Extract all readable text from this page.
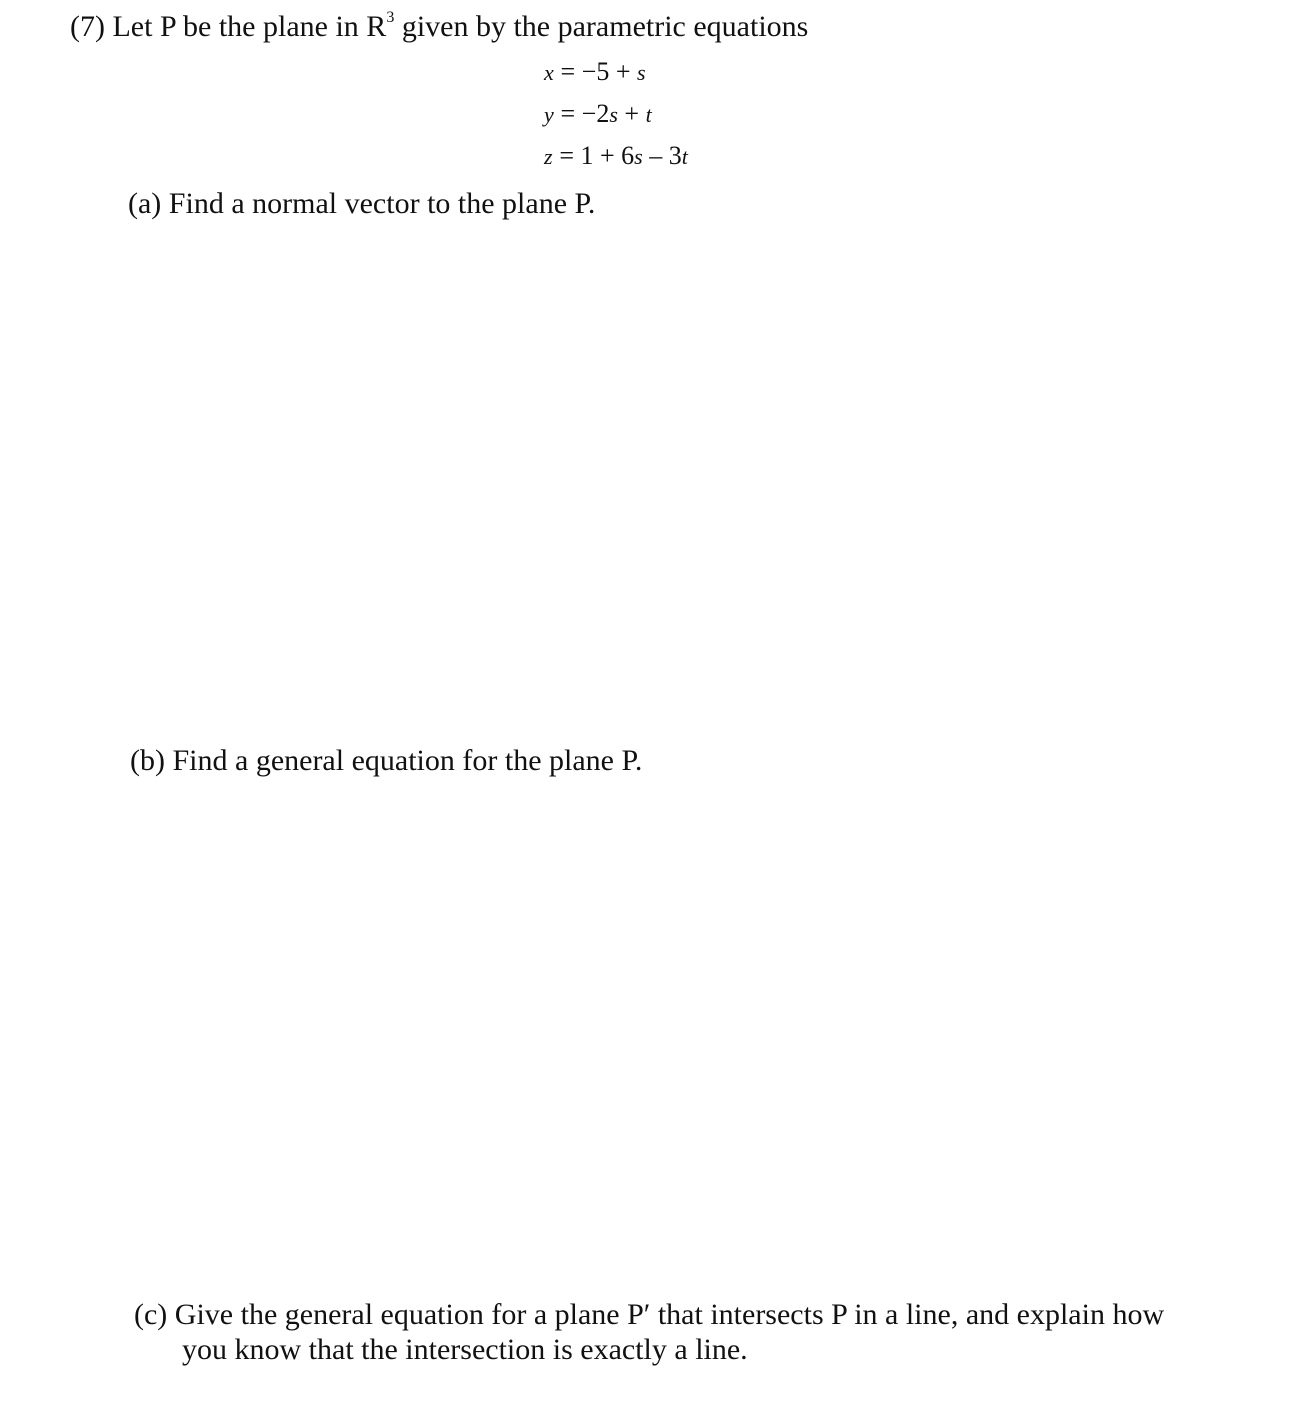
(7) Let P be the plane in $R^3$ given by the parametric equations
x = −5 + s
y = −2s + t
z = 1 + 6s – 3t
(a) Find a normal vector to the plane P.
(b) Find a general equation for the plane P.
(c) Give the general equation for a plane P′ that intersects P in a line, and explain how
you know that the intersection is exactly a line.
